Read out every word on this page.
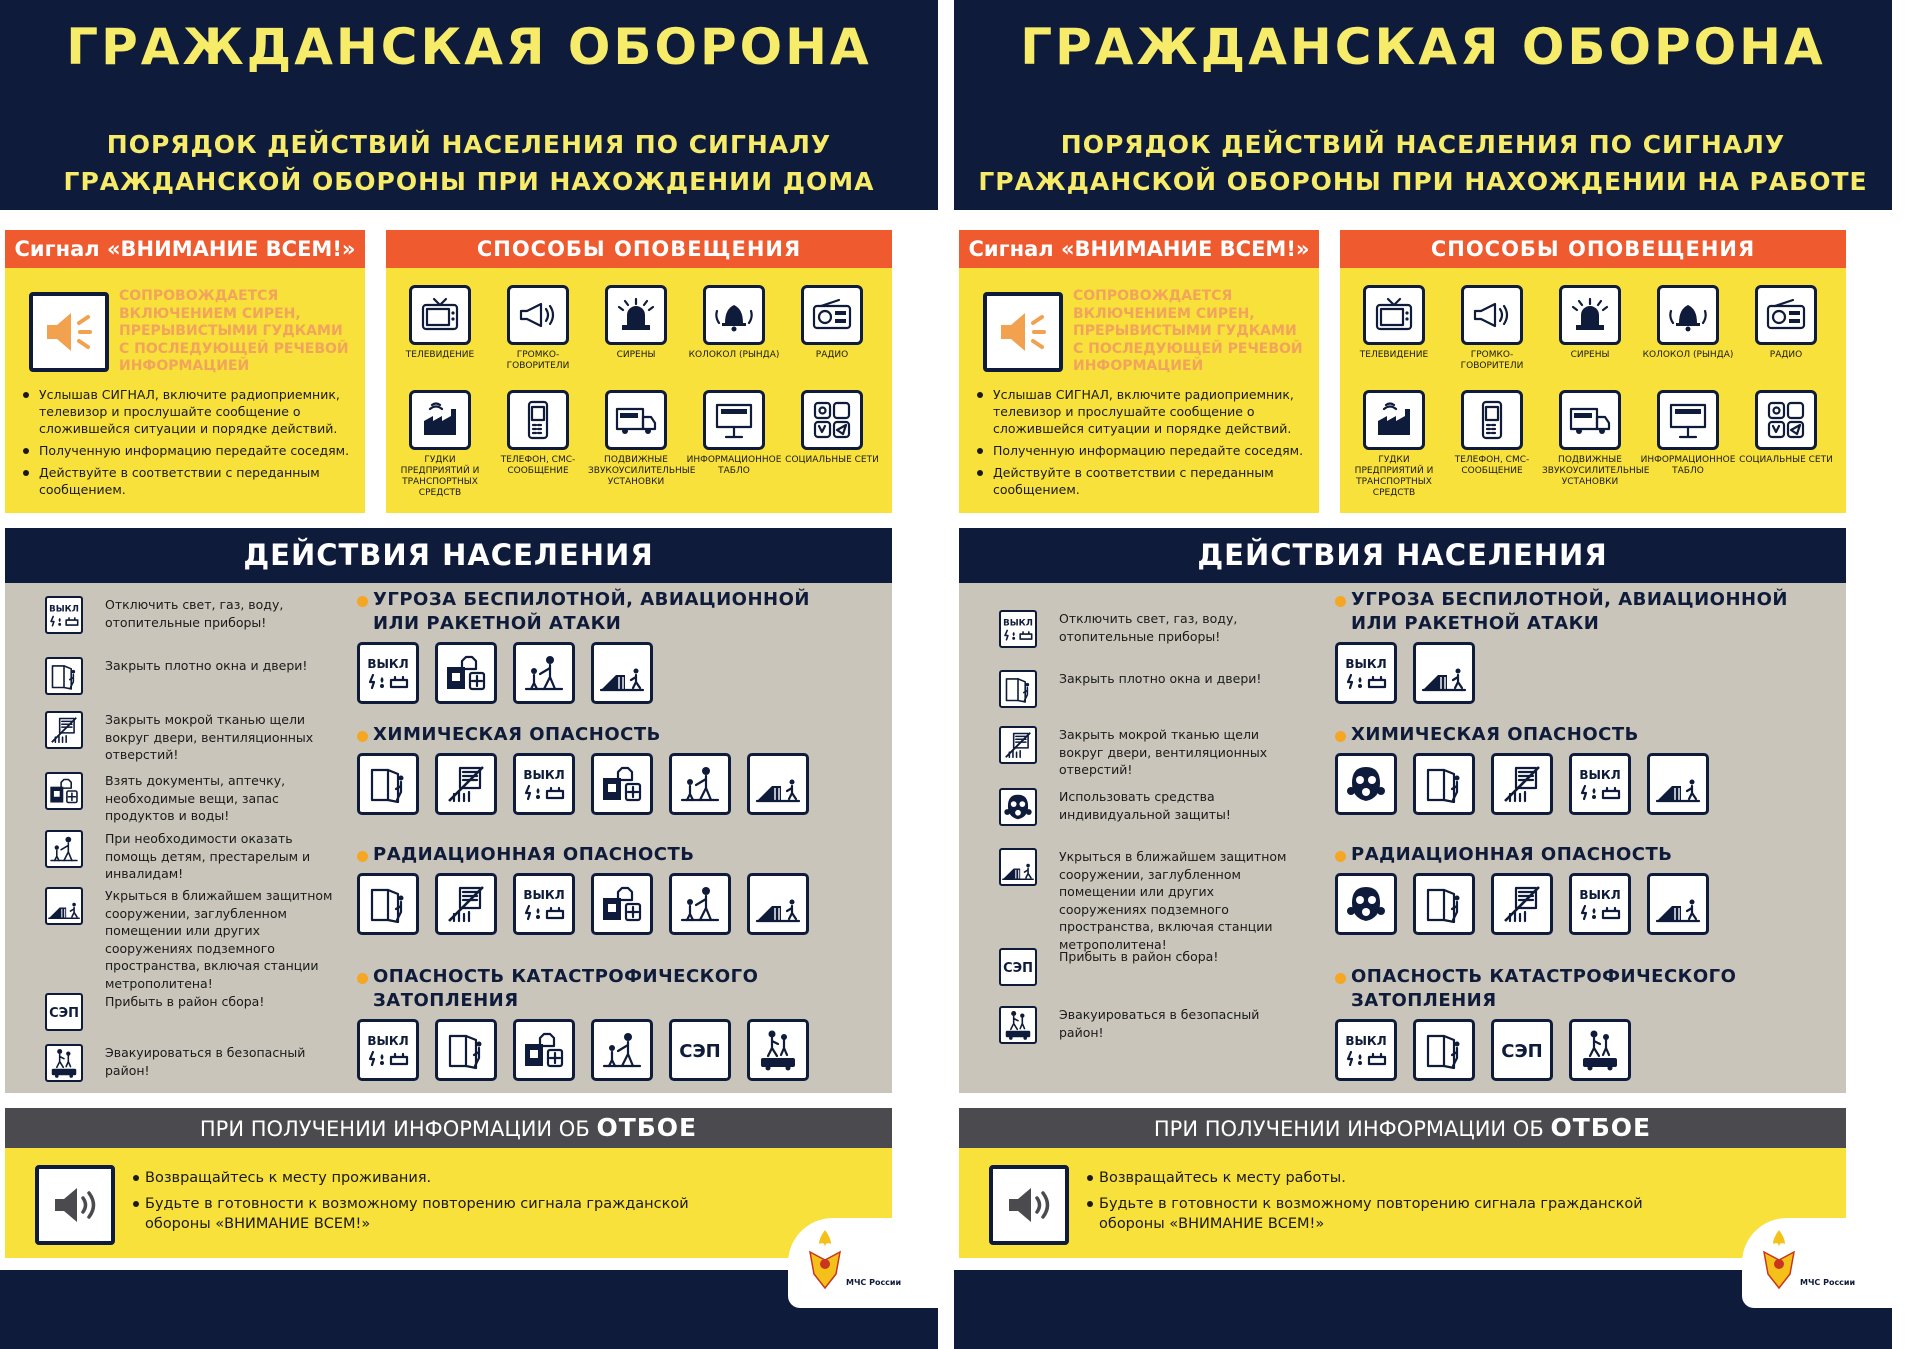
ГРАЖДАНСКАЯ ОБОРОНА
ПОРЯДОК ДЕЙСТВИЙ НАСЕЛЕНИЯ ПО СИГНАЛУ
ГРАЖДАНСКОЙ ОБОРОНЫ ПРИ НАХОЖДЕНИИ ДОМА
Сигнал «ВНИМАНИЕ ВСЕМ!»
СОПРОВОЖДАЕТСЯ ВКЛЮЧЕНИЕМ СИРЕН, ПРЕРЫВИСТЫМИ ГУДКАМИ С ПОСЛЕДУЮЩЕЙ РЕЧЕВОЙ ИНФОРМАЦИЕЙ
Услышав СИГНАЛ, включите радиоприемник, телевизор и прослушайте сообщение о сложившейся ситуации и порядке действий.
Полученную информацию передайте соседям.
Действуйте в соответствии с переданным сообщением.
СПОСОБЫ ОПОВЕЩЕНИЯ
ТЕЛЕВИДЕНИЕ	ГРОМКО-ГОВОРИТЕЛИ
СИРЕНЫ	КОЛОКОЛ (РЫНДА)	РАДИО
ГУДКИ ПРЕДПРИЯТИЙ И ТРАНСПОРТНЫХ СРЕДСТВ
ТЕЛЕФОН, СМС-СООБЩЕНИЕ
ПОДВИЖНЫЕ ЗВУКОУСИЛИТЕЛЬНЫЕ УСТАНОВКИ
ИНФОРМАЦИОННОЕ ТАБЛО
СОЦИАЛЬНЫЕ СЕТИ
ДЕЙСТВИЯ НАСЕЛЕНИЯ
ВЫКЛ Отключить свет, газ, воду, отопительные приборы!
Закрыть плотно окна и двери!
Закрыть мокрой тканью щели вокруг двери, вентиляционных отверстий!
Взять документы, аптечку, необходимые вещи, запас продуктов и воды!
При необходимости оказать помощь детям, престарелым и инвалидам!
Укрыться в ближайшем защитном сооружении, заглубленном помещении или других сооружениях подземного пространства, включая станции метрополитена!
СЭП
Прибыть в район сбора!
Эвакуироваться в безопасный район!
УГРОЗА БЕСПИЛОТНОЙ, АВИАЦИОННОЙ ИЛИ РАКЕТНОЙ АТАКИ
ВЫКЛ
ХИМИЧЕСКАЯ ОПАСНОСТЬ
ВЫКЛ
РАДИАЦИОННАЯ ОПАСНОСТЬ
ВЫКЛ
ОПАСНОСТЬ КАТАСТРОФИЧЕСКОГО ЗАТОПЛЕНИЯ
ВЫКЛ	СЭП
ПРИ ПОЛУЧЕНИИ ИНФОРМАЦИИ ОБ ОТБОЕ
Возвращайтесь к месту проживания.
Будьте в готовности к возможному повторению сигнала гражданской обороны «ВНИМАНИЕ ВСЕМ!»
МЧС России
ГРАЖДАНСКАЯ ОБОРОНА
ПОРЯДОК ДЕЙСТВИЙ НАСЕЛЕНИЯ ПО СИГНАЛУ
ГРАЖДАНСКОЙ ОБОРОНЫ ПРИ НАХОЖДЕНИИ НА РАБОТЕ
Сигнал «ВНИМАНИЕ ВСЕМ!»
СОПРОВОЖДАЕТСЯ ВКЛЮЧЕНИЕМ СИРЕН, ПРЕРЫВИСТЫМИ ГУДКАМИ С ПОСЛЕДУЮЩЕЙ РЕЧЕВОЙ ИНФОРМАЦИЕЙ
Услышав СИГНАЛ, включите радиоприемник, телевизор и прослушайте сообщение о сложившейся ситуации и порядке действий.
Полученную информацию передайте соседям.
Действуйте в соответствии с переданным сообщением.
СПОСОБЫ ОПОВЕЩЕНИЯ
ТЕЛЕВИДЕНИЕ	ГРОМКО-ГОВОРИТЕЛИ
СИРЕНЫ	КОЛОКОЛ (РЫНДА)	РАДИО
ГУДКИ ПРЕДПРИЯТИЙ И ТРАНСПОРТНЫХ СРЕДСТВ
ТЕЛЕФОН, СМС-СООБЩЕНИЕ
ПОДВИЖНЫЕ ЗВУКОУСИЛИТЕЛЬНЫЕ УСТАНОВКИ
ИНФОРМАЦИОННОЕ ТАБЛО
СОЦИАЛЬНЫЕ СЕТИ
ДЕЙСТВИЯ НАСЕЛЕНИЯ
ВЫКЛ Отключить свет, газ, воду, отопительные приборы!
Закрыть плотно окна и двери!
Закрыть мокрой тканью щели вокруг двери, вентиляционных отверстий!
Использовать средства индивидуальной защиты!
Укрыться в ближайшем защитном сооружении, заглубленном помещении или других сооружениях подземного пространства, включая станции метрополитена!
СЭП
Прибыть в район сбора!
Эвакуироваться в безопасный район!
УГРОЗА БЕСПИЛОТНОЙ, АВИАЦИОННОЙ ИЛИ РАКЕТНОЙ АТАКИ
ВЫКЛ
ХИМИЧЕСКАЯ ОПАСНОСТЬ
ВЫКЛ
РАДИАЦИОННАЯ ОПАСНОСТЬ
ВЫКЛ
ОПАСНОСТЬ КАТАСТРОФИЧЕСКОГО ЗАТОПЛЕНИЯ
ВЫКЛ	СЭП
ПРИ ПОЛУЧЕНИИ ИНФОРМАЦИИ ОБ ОТБОЕ
Возвращайтесь к месту работы.
Будьте в готовности к возможному повторению сигнала гражданской обороны «ВНИМАНИЕ ВСЕМ!»
МЧС России
